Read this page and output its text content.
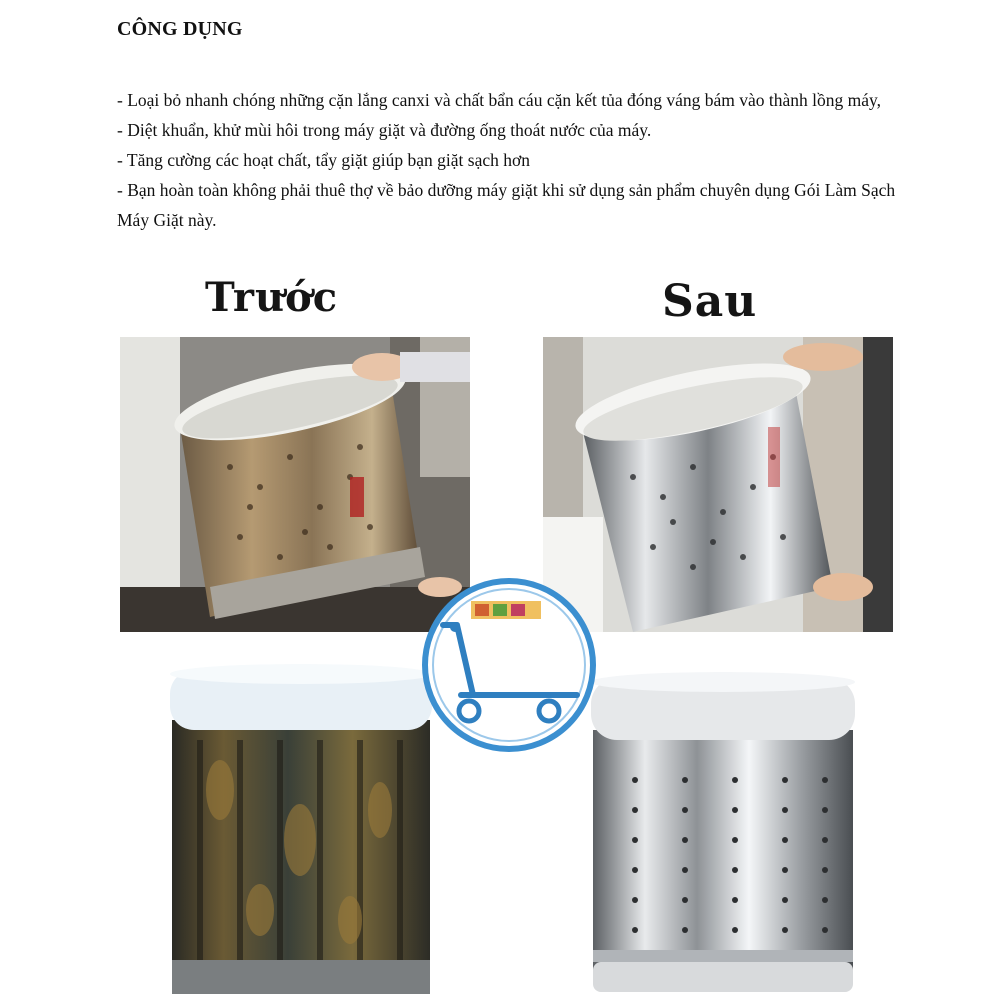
CÔNG DỤNG

- Loại bỏ nhanh chóng những cặn lắng canxi và chất bẩn cáu cặn kết tủa đóng váng bám vào thành lồng máy,

- Diệt khuẩn, khử mùi hôi trong máy giặt và đường ống thoát nước của máy.

- Tăng cường các hoạt chất, tẩy giặt giúp bạn giặt sạch hơn

- Bạn hoàn toàn không phải thuê thợ về bảo dưỡng máy giặt khi sử dụng sản phẩm chuyên dụng Gói Làm Sạch Máy Giặt này.

Trước	Sau
